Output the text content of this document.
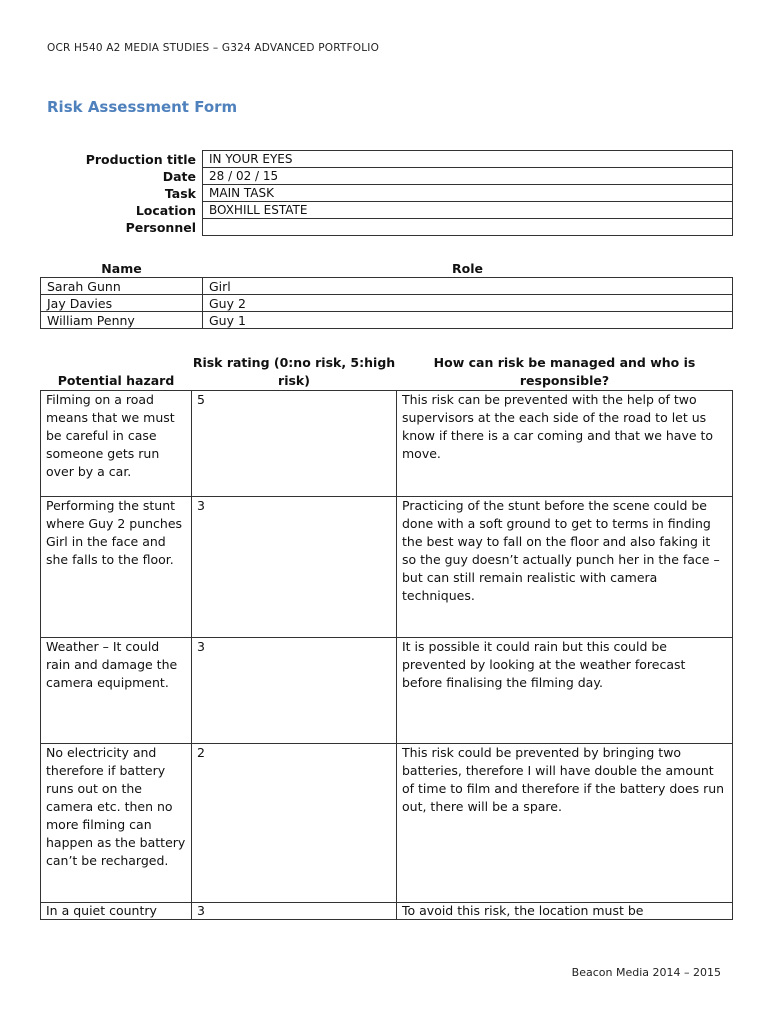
OCR H540 A2 MEDIA STUDIES – G324 ADVANCED PORTFOLIO
Risk Assessment Form
Production title	IN YOUR EYES
Date	28 / 02 / 15
Task	MAIN TASK
Location	BOXHILL ESTATE
Personnel	
Name	Role
Sarah Gunn	Girl
Jay Davies	Guy 2
William Penny	Guy 1
Potential hazard	Risk rating (0:no risk, 5:high risk)	How can risk be managed and who is responsible?
Filming on a road means that we must be careful in case someone gets run over by a car.	5	This risk can be prevented with the help of two supervisors at the each side of the road to let us know if there is a car coming and that we have to move.
Performing the stunt where Guy 2 punches Girl in the face and she falls to the floor.	3	Practicing of the stunt before the scene could be done with a soft ground to get to terms in finding the best way to fall on the floor and also faking it so the guy doesn’t actually punch her in the face – but can still remain realistic with camera techniques.
Weather – It could rain and damage the camera equipment.	3	It is possible it could rain but this could be prevented by looking at the weather forecast before finalising the filming day.
No electricity and therefore if battery runs out on the camera etc. then no more filming can happen as the battery can’t be recharged.	2	This risk could be prevented by bringing two batteries, therefore I will have double the amount of time to film and therefore if the battery does run out, there will be a spare.
In a quiet country	3	To avoid this risk, the location must be
Beacon Media 2014 – 2015
